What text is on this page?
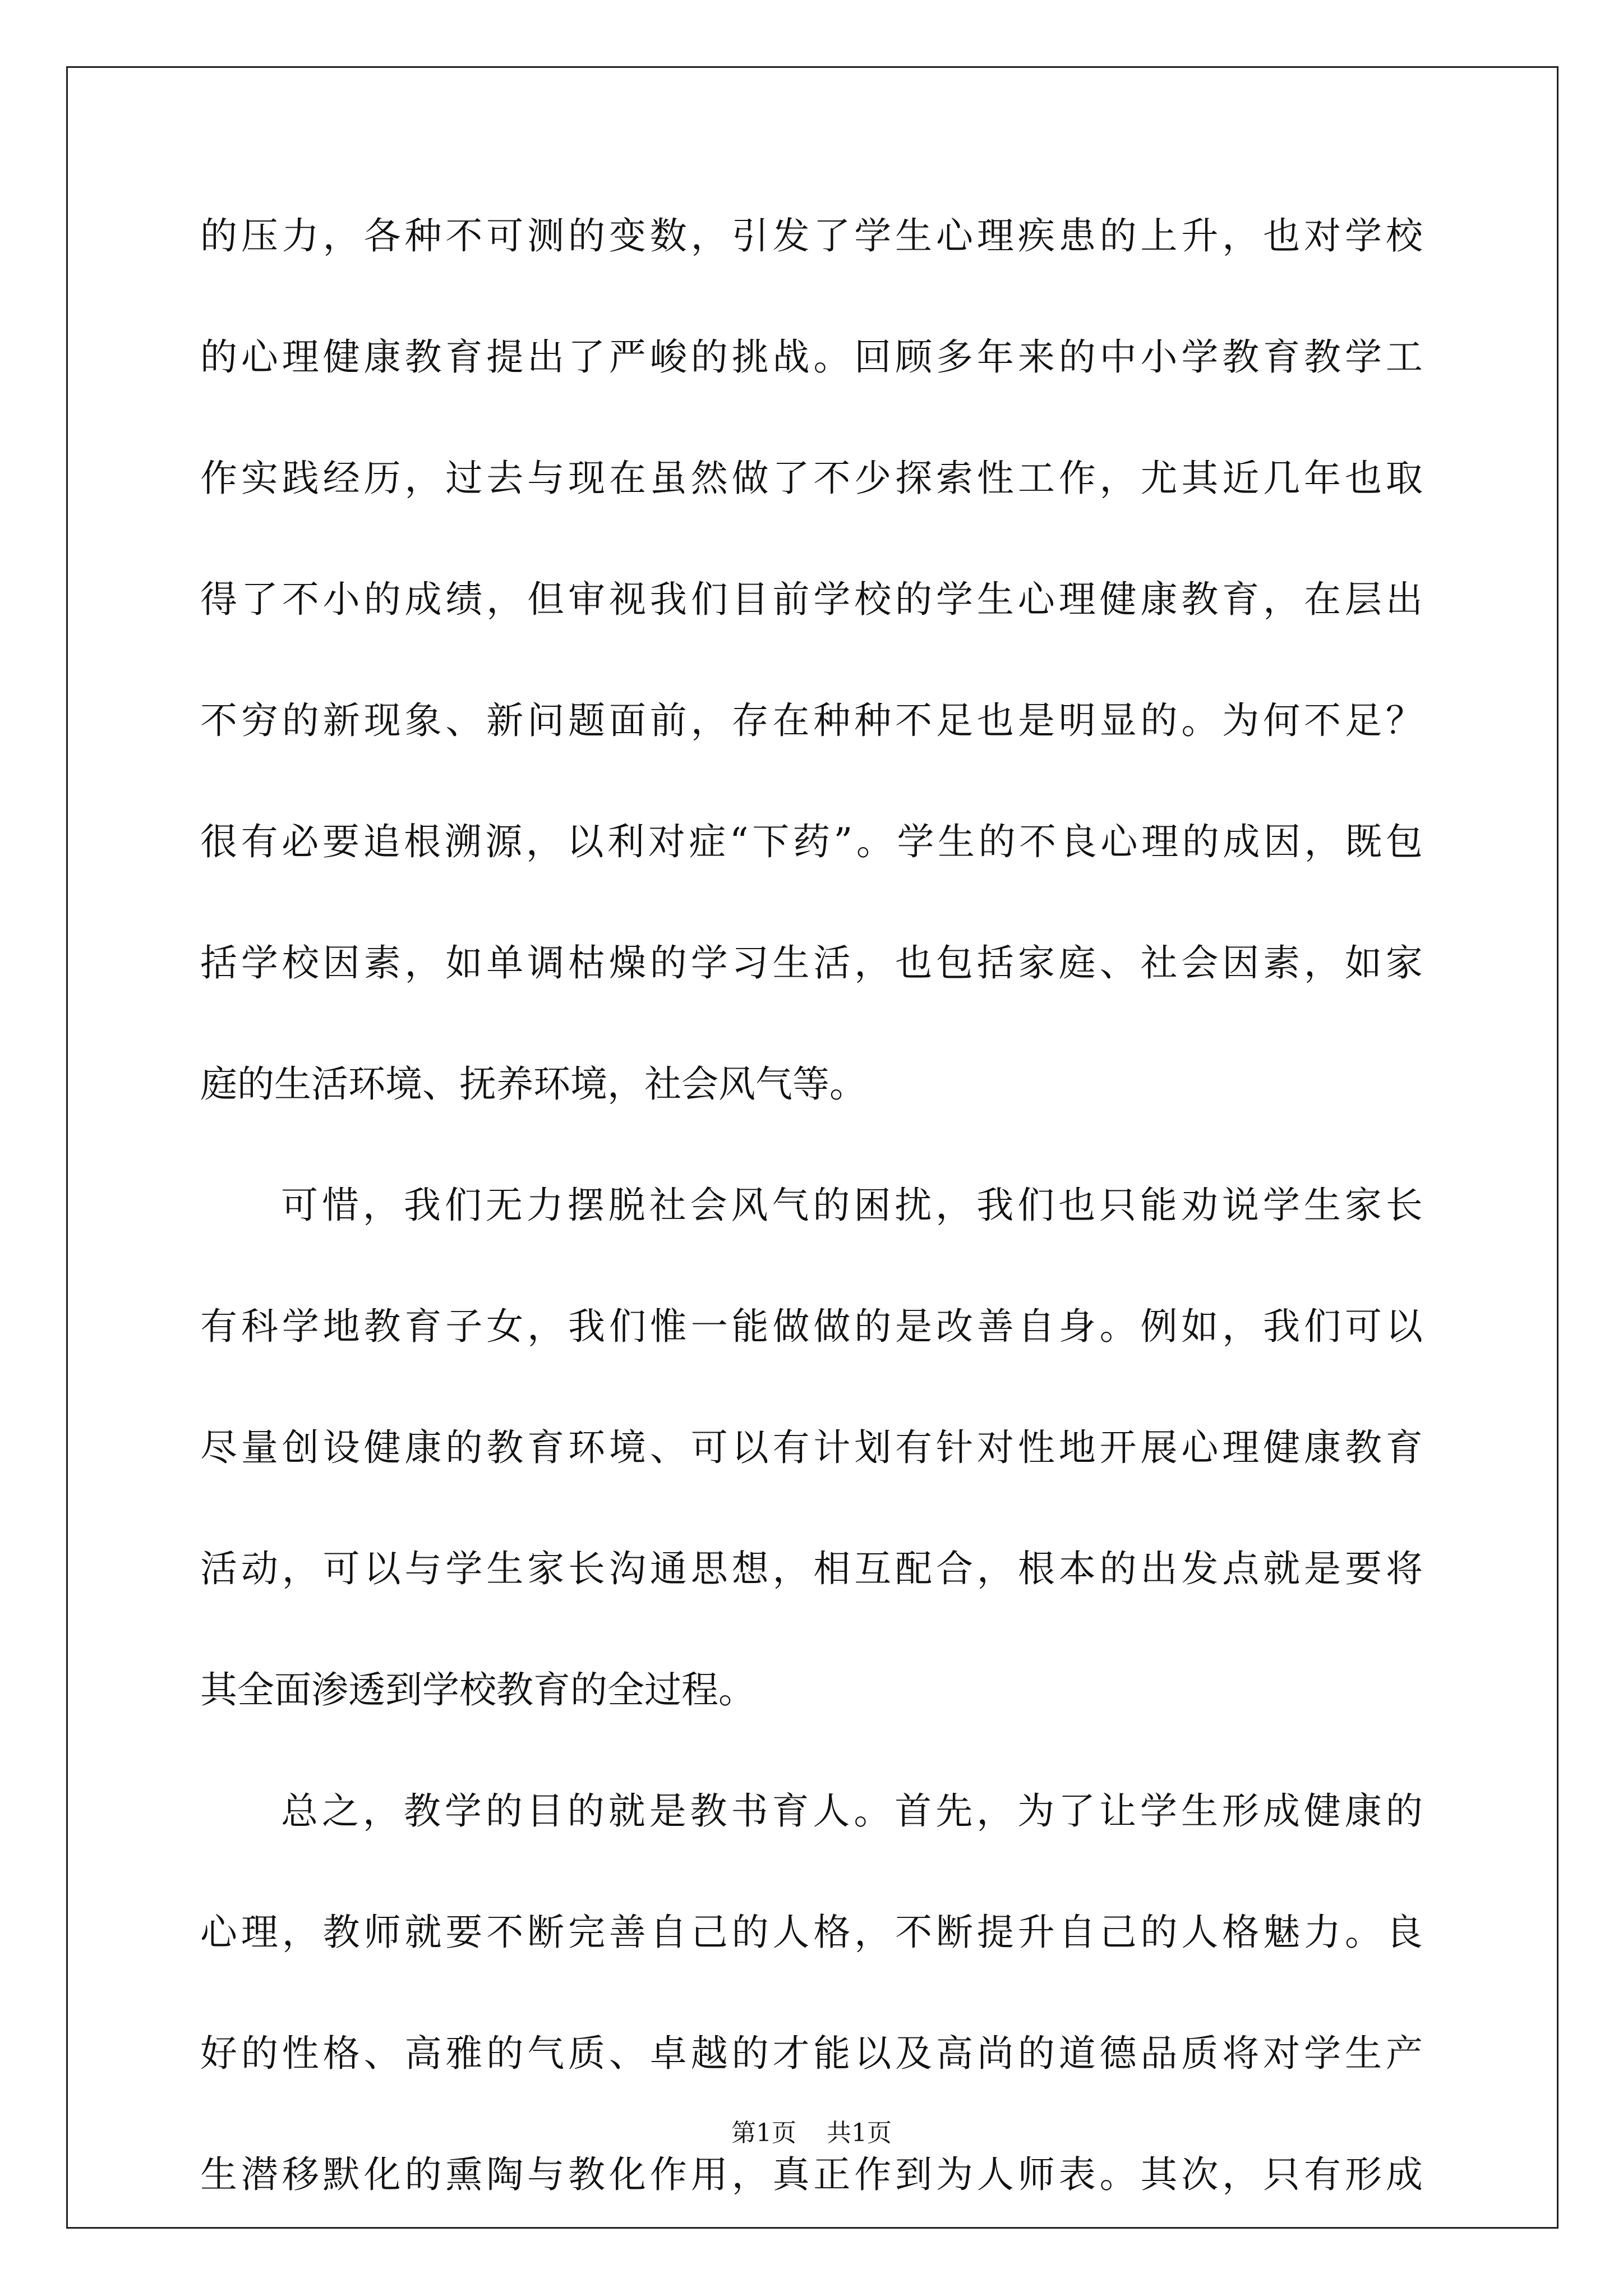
的 压 力 ， 各 种 不 可 测 的 变 数 ， 引 发 了 学 生 心 理 疾 患 的 上 升 ， 也 对 学 校
的 心 理 健 康 教 育 提 出 了 严 峻 的 挑 战 。 回 顾 多 年 来 的 中 小 学 教 育 教 学 工
作 实 践 经 历 ， 过 去 与 现 在 虽 然 做 了 不 少 探 索 性 工 作 ， 尤 其 近 几 年 也 取
得 了 不 小 的 成 绩 ， 但 审 视 我 们 目 前 学 校 的 学 生 心 理 健 康 教 育 ， 在 层 出
不 穷 的 新 现 象 、 新 问 题 面 前 ， 存 在 种 种 不 足 也 是 明 显 的 。 为 何 不 足 ？
很 有 必 要 追 根 溯 源 ， 以 利 对 症 “ 下 药 ” 。 学 生 的 不 良 心 理 的 成 因 ， 既 包
括 学 校 因 素 ， 如 单 调 枯 燥 的 学 习 生 活 ， 也 包 括 家 庭 、 社 会 因 素 ， 如 家
庭的生活环境、抚养环境，社会风气等。
可 惜 ， 我 们 无 力 摆 脱 社 会 风 气 的 困 扰 ， 我 们 也 只 能 劝 说 学 生 家 长
有 科 学 地 教 育 子 女 ， 我 们 惟 一 能 做 做 的 是 改 善 自 身 。 例 如 ， 我 们 可 以
尽 量 创 设 健 康 的 教 育 环 境 、 可 以 有 计 划 有 针 对 性 地 开 展 心 理 健 康 教 育
活 动 ， 可 以 与 学 生 家 长 沟 通 思 想 ， 相 互 配 合 ， 根 本 的 出 发 点 就 是 要 将
其全面渗透到学校教育的全过程。
总 之 ， 教 学 的 目 的 就 是 教 书 育 人 。 首 先 ， 为 了 让 学 生 形 成 健 康 的
心 理 ， 教 师 就 要 不 断 完 善 自 己 的 人 格 ， 不 断 提 升 自 己 的 人 格 魅 力 。 良
好 的 性 格 、 高 雅 的 气 质 、 卓 越 的 才 能 以 及 高 尚 的 道 德 品 质 将 对 学 生 产
生 潜 移 默 化 的 熏 陶 与 教 化 作 用 ， 真 正 作 到 为 人 师 表 。 其 次 ， 只 有 形 成
第1页 共1页
